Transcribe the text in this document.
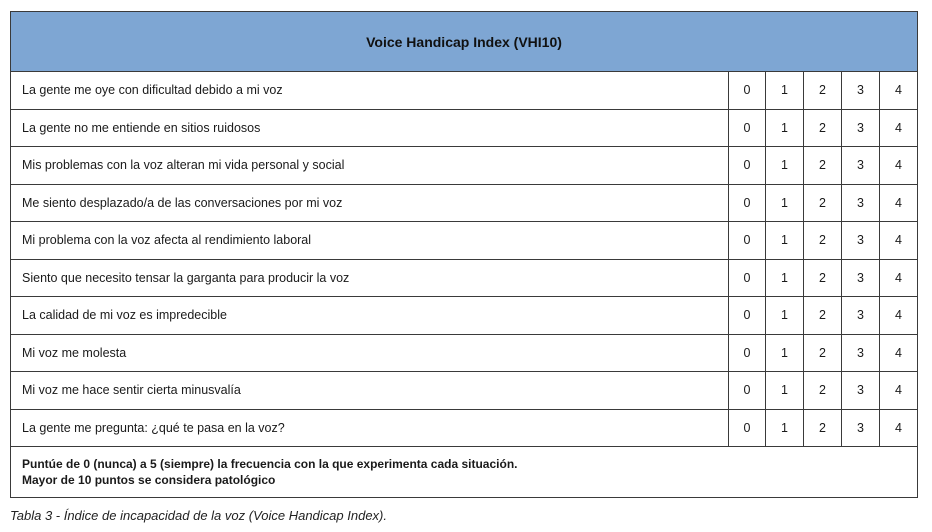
Voice Handicap Index (VHI10)					
La gente me oye con dificultad debido a mi voz	0	1	2	3	4
La gente no me entiende en sitios ruidosos	0	1	2	3	4
Mis problemas con la voz alteran mi vida personal y social	0	1	2	3	4
Me siento desplazado/a de las conversaciones por mi voz	0	1	2	3	4
Mi problema con la voz afecta al rendimiento laboral	0	1	2	3	4
Siento que necesito tensar la garganta para producir la voz	0	1	2	3	4
La calidad de mi voz es impredecible	0	1	2	3	4
Mi voz me molesta	0	1	2	3	4
Mi voz me hace sentir cierta minusvalía	0	1	2	3	4
La gente me pregunta: ¿qué te pasa en la voz?	0	1	2	3	4

Puntúe de 0 (nunca) a 5 (siempre) la frecuencia con la que experimenta cada situación.
Mayor de 10 puntos se considera patológico					
Tabla 3 - Índice de incapacidad de la voz (Voice Handicap Index).
